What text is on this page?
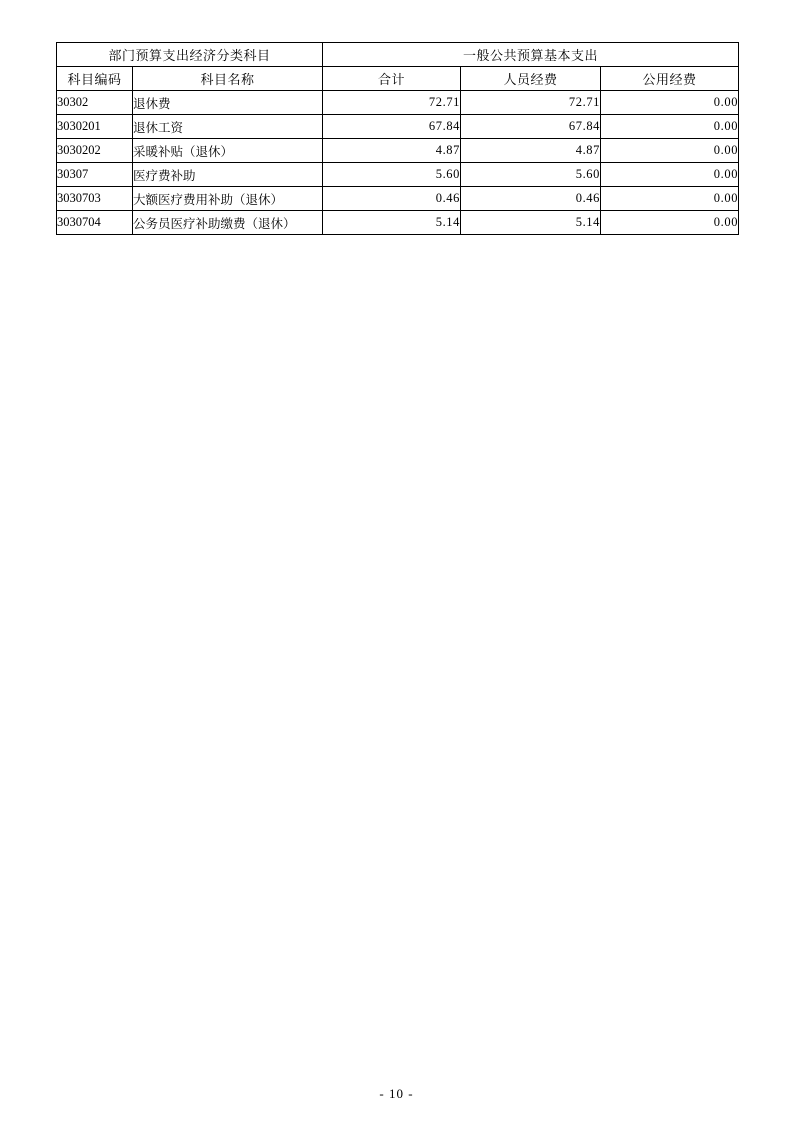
部门预算支出经济分类科目		一般公共预算基本支出		
科目编码	科目名称	合计	人员经费	公用经费
30302	退休费	72.71	72.71	0.00
3030201	退休工资	67.84	67.84	0.00
3030202	采暖补贴（退休）	4.87	4.87	0.00
30307	医疗费补助	5.60	5.60	0.00
3030703	大额医疗费用补助（退休）	0.46	0.46	0.00
3030704	公务员医疗补助缴费（退休）	5.14	5.14	0.00
- 10 -
